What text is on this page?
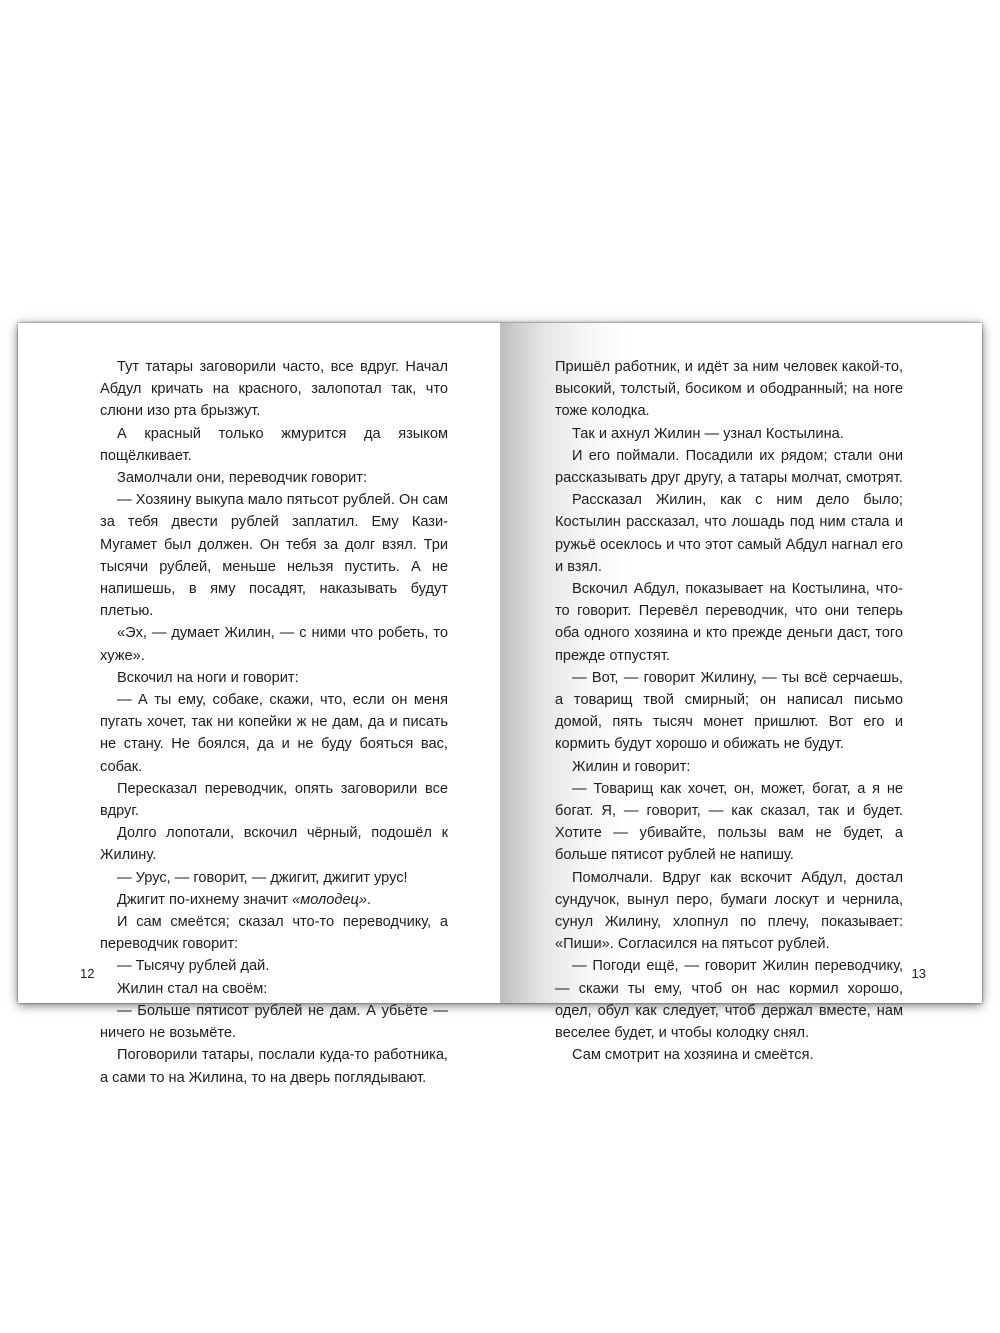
Тут татары заговорили часто, все вдруг. Начал Абдул кричать на красного, залопотал так, что слюни изо рта брызжут.

А красный только жмурится да языком пощёлкивает.

Замолчали они, переводчик говорит:

— Хозяину выкупа мало пятьсот рублей. Он сам за тебя двести рублей заплатил. Ему Кази-Мугамет был должен. Он тебя за долг взял. Три тысячи рублей, меньше нельзя пустить. А не напишешь, в яму посадят, наказывать будут плетью.

«Эх, — думает Жилин, — с ними что робеть, то хуже».

Вскочил на ноги и говорит:

— А ты ему, собаке, скажи, что, если он меня пугать хочет, так ни копейки ж не дам, да и писать не стану. Не боялся, да и не буду бояться вас, собак.

Пересказал переводчик, опять заговорили все вдруг.

Долго лопотали, вскочил чёрный, подошёл к Жилину.

— Урус, — говорит, — джигит, джигит урус!

Джигит по-ихнему значит «молодец».

И сам смеётся; сказал что-то переводчику, а переводчик говорит:

— Тысячу рублей дай.

Жилин стал на своём:

— Больше пятисот рублей не дам. А убьёте — ничего не возьмёте.

Поговорили татары, послали куда-то работника, а сами то на Жилина, то на дверь поглядывают.

12

Пришёл работник, и идёт за ним человек какой-то, высокий, толстый, босиком и ободранный; на ноге тоже колодка.

Так и ахнул Жилин — узнал Костылина.

И его поймали. Посадили их рядом; стали они рассказывать друг другу, а татары молчат, смотрят.

Рассказал Жилин, как с ним дело было; Костылин рассказал, что лошадь под ним стала и ружьё осеклось и что этот самый Абдул нагнал его и взял.

Вскочил Абдул, показывает на Костылина, что-то говорит. Перевёл переводчик, что они теперь оба одного хозяина и кто прежде деньги даст, того прежде отпустят.

— Вот, — говорит Жилину, — ты всё серчаешь, а товарищ твой смирный; он написал письмо домой, пять тысяч монет пришлют. Вот его и кормить будут хорошо и обижать не будут.

Жилин и говорит:

— Товарищ как хочет, он, может, богат, а я не богат. Я, — говорит, — как сказал, так и будет. Хотите — убивайте, пользы вам не будет, а больше пятисот рублей не напишу.

Помолчали. Вдруг как вскочит Абдул, достал сундучок, вынул перо, бумаги лоскут и чернила, сунул Жилину, хлопнул по плечу, показывает: «Пиши». Согласился на пятьсот рублей.

— Погоди ещё, — говорит Жилин переводчику, — скажи ты ему, чтоб он нас кормил хорошо, одел, обул как следует, чтоб держал вместе, нам веселее будет, и чтобы колодку снял.

Сам смотрит на хозяина и смеётся.

13
